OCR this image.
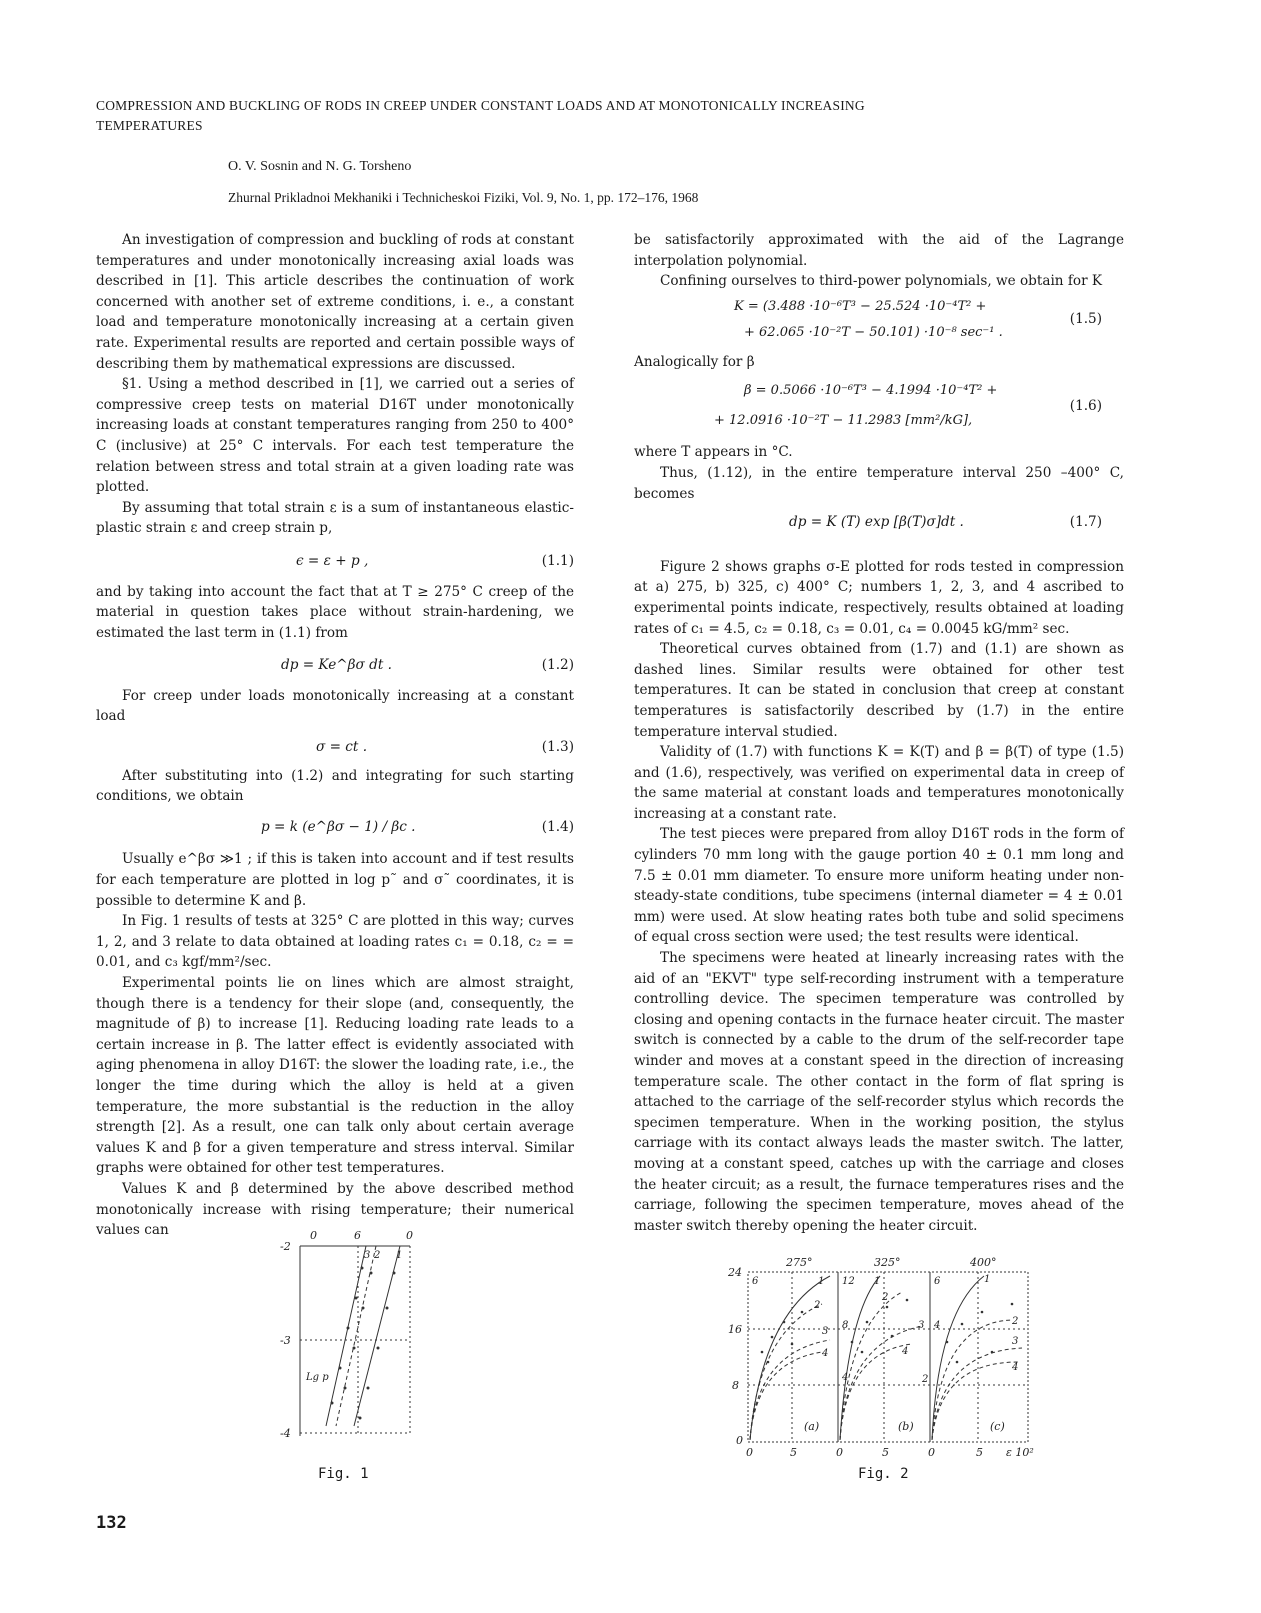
COMPRESSION AND BUCKLING OF RODS IN CREEP UNDER CONSTANT LOADS AND AT MONOTONICALLY INCREASING TEMPERATURES
O. V. Sosnin and N. G. Torsheno
Zhurnal Prikladnoi Mekhaniki i Technicheskoi Fiziki, Vol. 9, No. 1, pp. 172–176, 1968

An investigation of compression and buckling of rods at constant temperatures and under monotonically increasing axial loads was described in [1]. This article describes the continuation of work concerned with another set of extreme conditions, i. e., a constant load and temperature monotonically increasing at a certain given rate. Experimental results are reported and certain possible ways of describing them by mathematical expressions are discussed.

§1. Using a method described in [1], we carried out a series of compressive creep tests on material D16T under monotonically increasing loads at constant temperatures ranging from 250 to 400° C (inclusive) at 25° C intervals. For each test temperature the relation between stress and total strain at a given loading rate was plotted.

By assuming that total strain ε is a sum of instantaneous elastic-plastic strain ε and creep strain p,

ϵ = ε + p ,	(1.1)

and by taking into account the fact that at T ≥ 275° C creep of the material in question takes place without strain-hardening, we estimated the last term in (1.1) from

dp = Ke^βσ dt .	(1.2)

For creep under loads monotonically increasing at a constant load

σ = ct .	(1.3)

After substituting into (1.2) and integrating for such starting conditions, we obtain

p = k (e^βσ − 1) / βc .	(1.4)

Usually e^βσ ≫1 ; if this is taken into account and if test results for each temperature are plotted in log p˜ and σ˜ coordinates, it is possible to determine K and β.

In Fig. 1 results of tests at 325° C are plotted in this way; curves 1, 2, and 3 relate to data obtained at loading rates c₁ = 0.18, c₂ = = 0.01, and c₃ kgf/mm²/sec.

Experimental points lie on lines which are almost straight, though there is a tendency for their slope (and, consequently, the magnitude of β) to increase [1]. Reducing loading rate leads to a certain increase in β. The latter effect is evidently associated with aging phenomena in alloy D16T: the slower the loading rate, i.e., the longer the time during which the alloy is held at a given temperature, the more substantial is the reduction in the alloy strength [2]. As a result, one can talk only about certain average values K and β for a given temperature and stress interval. Similar graphs were obtained for other test temperatures.

Values K and β determined by the above described method monotonically increase with rising temperature; their numerical values can

be satisfactorily approximated with the aid of the Lagrange interpolation polynomial.

Confining ourselves to third-power polynomials, we obtain for K

K = (3.488 ·10⁻⁶T³ − 25.524 ·10⁻⁴T² +
+ 62.065 ·10⁻²T − 50.101) ·10⁻⁸ sec⁻¹ .
(1.5)

Analogically for β

β = 0.5066 ·10⁻⁶T³ − 4.1994 ·10⁻⁴T² +
+ 12.0916 ·10⁻²T − 11.2983 [mm²/kG],
(1.6)

where T appears in °C.

Thus, (1.12), in the entire temperature interval 250 –400° C, becomes

dp = K (T) exp [β(T)σ]dt .	(1.7)

Figure 2 shows graphs σ-E plotted for rods tested in compression at a) 275, b) 325, c) 400° C; numbers 1, 2, 3, and 4 ascribed to experimental points indicate, respectively, results obtained at loading rates of c₁ = 4.5, c₂ = 0.18, c₃ = 0.01, c₄ = 0.0045 kG/mm² sec.

Theoretical curves obtained from (1.7) and (1.1) are shown as dashed lines. Similar results were obtained for other test temperatures. It can be stated in conclusion that creep at constant temperatures is satisfactorily described by (1.7) in the entire temperature interval studied.

Validity of (1.7) with functions K = K(T) and β = β(T) of type (1.5) and (1.6), respectively, was verified on experimental data in creep of the same material at constant loads and temperatures monotonically increasing at a constant rate.

The test pieces were prepared from alloy D16T rods in the form of cylinders 70 mm long with the gauge portion 40 ± 0.1 mm long and 7.5 ± 0.01 mm diameter. To ensure more uniform heating under non-steady-state conditions, tube specimens (internal diameter = 4 ± 0.01 mm) were used. At slow heating rates both tube and solid specimens of equal cross section were used; the test results were identical.

The specimens were heated at linearly increasing rates with the aid of an "EKVT" type self-recording instrument with a temperature controlling device. The specimen temperature was controlled by closing and opening contacts in the furnace heater circuit. The master switch is connected by a cable to the drum of the self-recorder tape winder and moves at a constant speed in the direction of increasing temperature scale. The other contact in the form of flat spring is attached to the carriage of the self-recorder stylus which records the specimen temperature. When in the working position, the stylus carriage with its contact always leads the master switch. The latter, moving at a constant speed, catches up with the carriage and closes the heater circuit; as a result, the furnace temperatures rises and the carriage, following the specimen temperature, moves ahead of the master switch thereby opening the heater circuit.

0	6	0
-2
-3
-4
3 2 1
Lg p
Fig. 1
275°	325°	400°
24
16
8
0
6	12
8
4
6
4
2
1
2
3
4
1
2
3
4
1
2
3
4
(a)	(b)	(c)
0	5	0	5	0	5 ε 10²
Fig. 2
132
